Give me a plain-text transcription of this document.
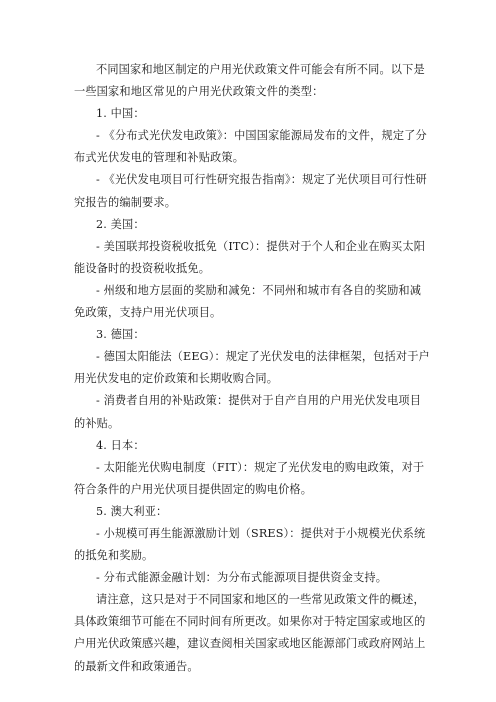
不同国家和地区制定的户用光伏政策文件可能会有所不同。以下是一些国家和地区常见的户用光伏政策文件的类型：

1. 中国：

- 《分布式光伏发电政策》：中国国家能源局发布的文件，规定了分布式光伏发电的管理和补贴政策。

- 《光伏发电项目可行性研究报告指南》：规定了光伏项目可行性研究报告的编制要求。

2. 美国：

- 美国联邦投资税收抵免（ITC）：提供对于个人和企业在购买太阳能设备时的投资税收抵免。

- 州级和地方层面的奖励和减免：不同州和城市有各自的奖励和减免政策，支持户用光伏项目。

3. 德国：

- 德国太阳能法（EEG）：规定了光伏发电的法律框架，包括对于户用光伏发电的定价政策和长期收购合同。

- 消费者自用的补贴政策：提供对于自产自用的户用光伏发电项目的补贴。

4. 日本：

- 太阳能光伏购电制度（FIT）：规定了光伏发电的购电政策，对于符合条件的户用光伏项目提供固定的购电价格。

5. 澳大利亚：

- 小规模可再生能源激励计划（SRES）：提供对于小规模光伏系统的抵免和奖励。

- 分布式能源金融计划：为分布式能源项目提供资金支持。

请注意，这只是对于不同国家和地区的一些常见政策文件的概述，具体政策细节可能在不同时间有所更改。如果你对于特定国家或地区的户用光伏政策感兴趣，建议查阅相关国家或地区能源部门或政府网站上的最新文件和政策通告。
